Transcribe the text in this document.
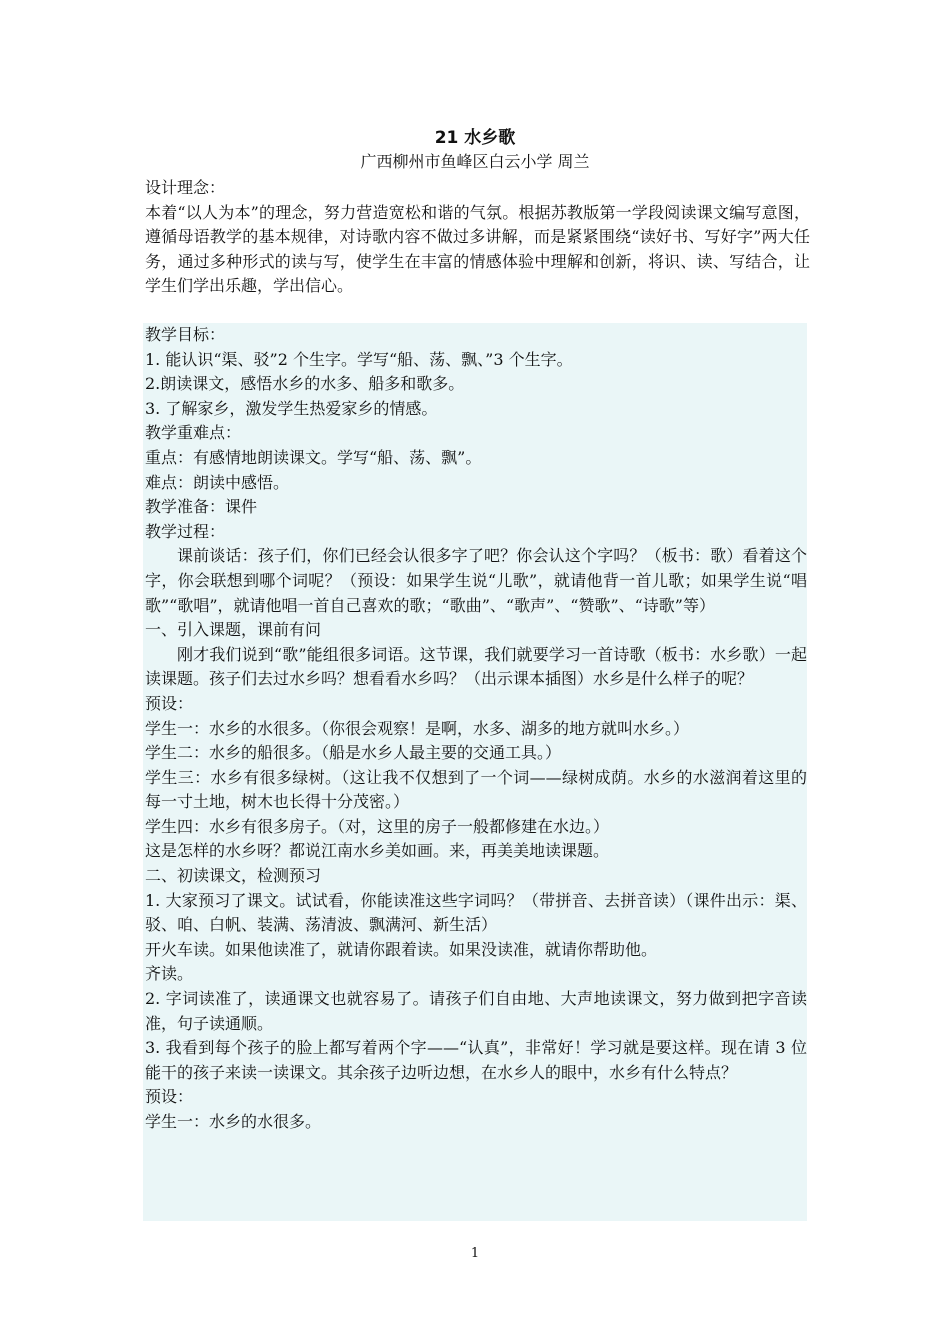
21 水乡歌
广西柳州市鱼峰区白云小学 周兰

设计理念：

本着“以人为本”的理念，努力营造宽松和谐的气氛。根据苏教版第一学段阅读课文编写意图，遵循母语教学的基本规律，对诗歌内容不做过多讲解，而是紧紧围绕“读好书、写好字”两大任务，通过多种形式的读与写，使学生在丰富的情感体验中理解和创新，将识、读、写结合，让学生们学出乐趣，学出信心。

教学目标：

1. 能认识“渠、驳”2 个生字。学写“船、荡、飘、”3 个生字。

2.朗读课文，感悟水乡的水多、船多和歌多。

3. 了解家乡，激发学生热爱家乡的情感。

教学重难点：

重点：有感情地朗读课文。学写“船、荡、飘”。

难点：朗读中感悟。

教学准备：课件

教学过程：

课前谈话：孩子们，你们已经会认很多字了吧？你会认这个字吗？（板书：歌）看着这个字，你会联想到哪个词呢？（预设：如果学生说“儿歌”，就请他背一首儿歌；如果学生说“唱歌”“歌唱”，就请他唱一首自己喜欢的歌；“歌曲”、“歌声”、“赞歌”、“诗歌”等）

一、引入课题，课前有问

刚才我们说到“歌”能组很多词语。这节课，我们就要学习一首诗歌（板书：水乡歌）一起读课题。孩子们去过水乡吗？想看看水乡吗？（出示课本插图）水乡是什么样子的呢？

预设：

学生一：水乡的水很多。（你很会观察！是啊，水多、湖多的地方就叫水乡。）

学生二：水乡的船很多。（船是水乡人最主要的交通工具。）

学生三：水乡有很多绿树。（这让我不仅想到了一个词——绿树成荫。水乡的水滋润着这里的每一寸土地，树木也长得十分茂密。）

学生四：水乡有很多房子。（对，这里的房子一般都修建在水边。）

这是怎样的水乡呀？都说江南水乡美如画。来，再美美地读课题。

二、初读课文，检测预习

1. 大家预习了课文。试试看，你能读准这些字词吗？（带拼音、去拼音读）（课件出示：渠、驳、咱、白帆、装满、荡清波、飘满河、新生活）

开火车读。如果他读准了，就请你跟着读。如果没读准，就请你帮助他。

齐读。

2. 字词读准了，读通课文也就容易了。请孩子们自由地、大声地读课文，努力做到把字音读准，句子读通顺。

3. 我看到每个孩子的脸上都写着两个字——“认真”，非常好！学习就是要这样。现在请 3 位能干的孩子来读一读课文。其余孩子边听边想，在水乡人的眼中，水乡有什么特点？

预设：

学生一：水乡的水很多。

1
